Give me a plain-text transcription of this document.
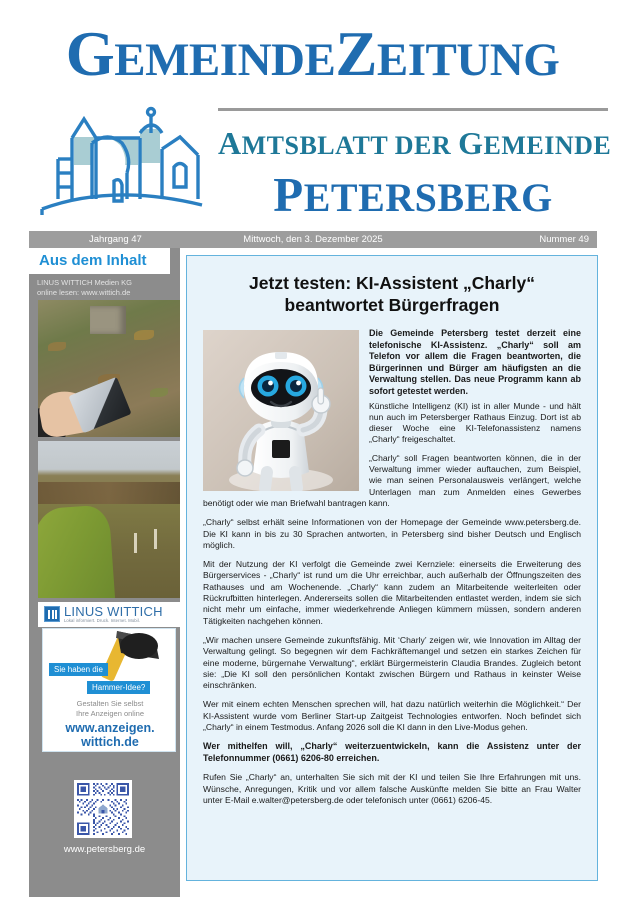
GEMEINDEZEITUNG
AMTSBLATT DER GEMEINDE
PETERSBERG
Jahrgang 47	Mittwoch, den 3. Dezember 2025	Nummer 49
Aus dem Inhalt
LINUS WITTICH Medien KG
online lesen: www.wittich.de
LINUS WITTICH
Lokal informiert. Druck. Internet. Mobil.
Sie haben die
Hammer-Idee?
Gestalten Sie selbst
Ihre Anzeigen online
www.anzeigen.
wittich.de
www.petersberg.de
Jetzt testen: KI-Assistent „Charly“
beantwortet Bürgerfragen

Die Gemeinde Petersberg testet derzeit eine telefonische KI-Assistenz. „Charly“ soll am Telefon vor allem die Fragen beantworten, die Bürgerinnen und Bürger am häufigsten an die Verwaltung stellen. Das neue Programm kann ab sofort getestet werden.

Künstliche Intelligenz (KI) ist in aller Munde - und hält nun auch im Petersberger Rathaus Einzug. Dort ist ab dieser Woche eine KI-Telefonassistenz namens „Charly“ freigeschaltet.

„Charly“ soll Fragen beantworten können, die in der Verwaltung immer wieder auftauchen, zum Beispiel, wie man seinen Personalausweis verlängert, welche Unterlagen man zum Anmelden eines Gewerbes benötigt oder wie man Briefwahl bantragen kann.

„Charly“ selbst erhält seine Informationen von der Homepage der Gemeinde www.petersberg.de. Die KI kann in bis zu 30 Sprachen antworten, in Petersberg sind bisher Deutsch und Englisch möglich.

Mit der Nutzung der KI verfolgt die Gemeinde zwei Kernziele: einerseits die Erweiterung des Bürgerservices - „Charly“ ist rund um die Uhr erreichbar, auch außerhalb der Öffnungszeiten des Rathauses und am Wochenende. „Charly“ kann zudem an Mitarbeitende weiterleiten oder Rückrufbitten hinterlegen. Andererseits sollen die Mitarbeitenden entlastet werden, indem sie sich nicht mehr um einfache, immer wiederkehrende Anliegen kümmern müssen, sondern anderen Tätigkeiten nachgehen können.

„Wir machen unsere Gemeinde zukunftsfähig. Mit ‘Charly’ zeigen wir, wie Innovation im Alltag der Verwaltung gelingt. So begegnen wir dem Fachkräftemangel und setzen ein starkes Zeichen für eine moderne, bürgernahe Verwaltung“, erklärt Bürgermeisterin Claudia Brandes. Zugleich betont sie: „Die KI soll den persönlichen Kontakt zwischen Bürgern und Rathaus in keinster Weise einschränken.

Wer mit einem echten Menschen sprechen will, hat dazu natürlich weiterhin die Möglichkeit.“ Der KI-Assistent wurde vom Berliner Start-up Zaitgeist Technologies entworfen. Noch befindet sich „Charly“ in einem Testmodus. Anfang 2026 soll die KI dann in den Live-Modus gehen.

Wer mithelfen will, „Charly“ weiterzuentwickeln, kann die Assistenz unter der Telefonnummer (0661) 6206-80 erreichen.

Rufen Sie „Charly“ an, unterhalten Sie sich mit der KI und teilen Sie Ihre Erfahrungen mit uns. Wünsche, Anregungen, Kritik und vor allem falsche Auskünfte melden Sie bitte an Frau Walter unter E-Mail e.walter@petersberg.de oder telefonisch unter (0661) 6206-45.
